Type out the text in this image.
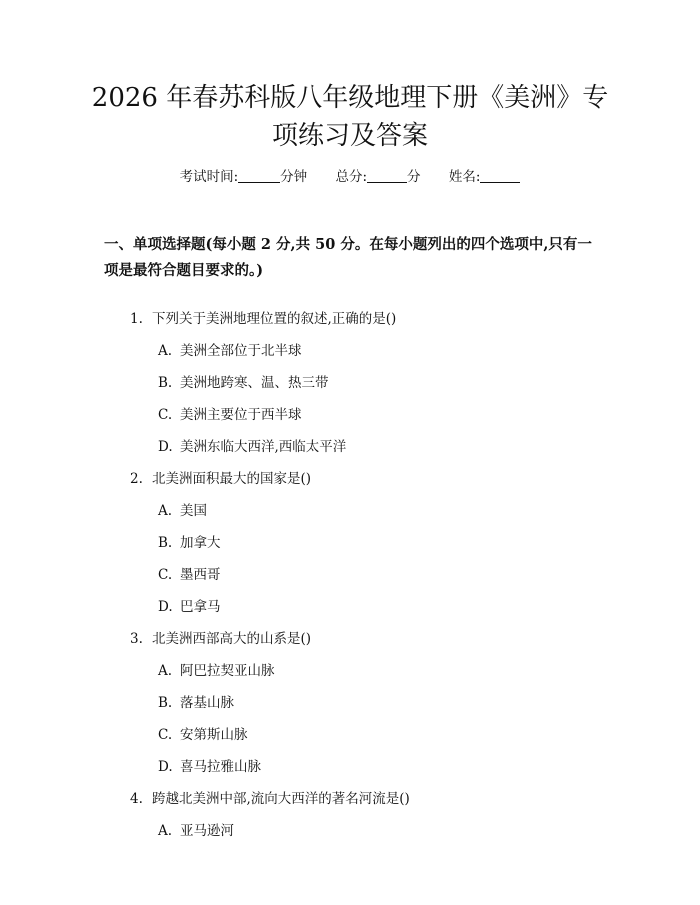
2026 年春苏科版八年级地理下册《美洲》专
项练习及答案
考试时间:	分钟 总分:	分 姓名:

一、单项选择题(每小题 2 分,共 50 分。在每小题列出的四个选项中,只有一项是最符合题目要求的。)

1. 下列关于美洲地理位置的叙述,正确的是()
A. 美洲全部位于北半球
B. 美洲地跨寒、温、热三带
C. 美洲主要位于西半球
D. 美洲东临大西洋,西临太平洋
2. 北美洲面积最大的国家是()
A. 美国
B. 加拿大
C. 墨西哥
D. 巴拿马
3. 北美洲西部高大的山系是()
A. 阿巴拉契亚山脉
B. 落基山脉
C. 安第斯山脉
D. 喜马拉雅山脉
4. 跨越北美洲中部,流向大西洋的著名河流是()
A. 亚马逊河
